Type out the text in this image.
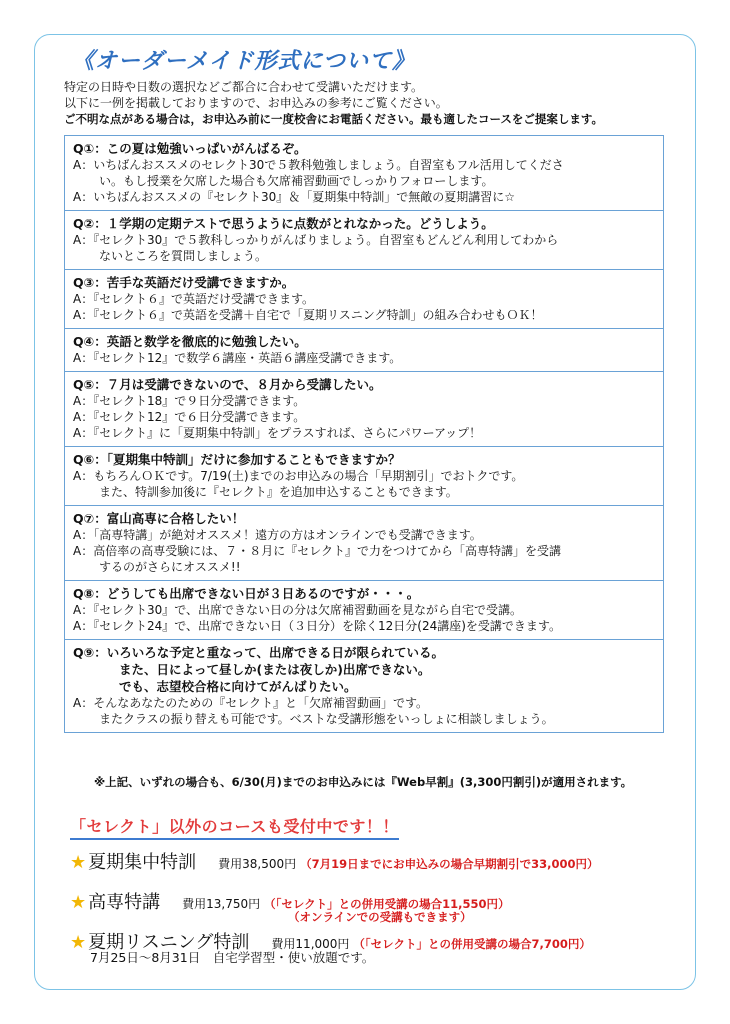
《オーダーメイド形式について》
特定の日時や日数の選択などご都合に合わせて受講いただけます。
以下に一例を掲載しておりますので、お申込みの参考にご覧ください。
ご不明な点がある場合は，お申込み前に一度校舎にお電話ください。最も適したコースをご提案します。
Q①：この夏は勉強いっぱいがんばるぞ。
A：いちばんおススメのセレクト30で５教科勉強しましょう。自習室もフル活用してくださ
い。もし授業を欠席した場合も欠席補習動画でしっかりフォローします。
A：いちばんおススメの『セレクト30』＆「夏期集中特訓」で無敵の夏期講習に☆
Q②：１学期の定期テストで思うように点数がとれなかった。どうしよう。
A：『セレクト30』で５教科しっかりがんばりましょう。自習室もどんどん利用してわから
ないところを質問しましょう。
Q③：苦手な英語だけ受講できますか。
A：『セレクト６』で英語だけ受講できます。
A：『セレクト６』で英語を受講＋自宅で「夏期リスニング特訓」の組み合わせもＯＫ！
Q④：英語と数学を徹底的に勉強したい。
A：『セレクト12』で数学６講座・英語６講座受講できます。
Q⑤：７月は受講できないので、８月から受講したい。
A：『セレクト18』で９日分受講できます。
A：『セレクト12』で６日分受講できます。
A：『セレクト』に「夏期集中特訓」をプラスすれば、さらにパワーアップ！
Q⑥：「夏期集中特訓」だけに参加することもできますか？
A：もちろんＯＫです。7/19(土)までのお申込みの場合「早期割引」でおトクです。
また、特訓参加後に『セレクト』を追加申込することもできます。
Q⑦：富山高専に合格したい！
A：「高専特講」が絶対オススメ！遠方の方はオンラインでも受講できます。
A：高倍率の高専受験には、７・８月に『セレクト』で力をつけてから「高専特講」を受講
するのがさらにオススメ!!
Q⑧：どうしても出席できない日が３日あるのですが・・・。
A：『セレクト30』で、出席できない日の分は欠席補習動画を見ながら自宅で受講。
A：『セレクト24』で、出席できない日（３日分）を除く12日分(24講座)を受講できます。
Q⑨：いろいろな予定と重なって、出席できる日が限られている。
また、日によって昼しか(または夜しか)出席できない。
でも、志望校合格に向けてがんばりたい。
A：そんなあなたのための『セレクト』と「欠席補習動画」です。
またクラスの振り替えも可能です。ベストな受講形態をいっしょに相談しましょう。
※上記、いずれの場合も、6/30(月)までのお申込みには『Web早割』(3,300円割引)が適用されます。
「セレクト」以外のコースも受付中です！！
★ 夏期集中特訓 費用38,500円 （7月19日までにお申込みの場合早期割引で33,000円）
★ 高専特講 費用13,750円 （「セレクト」との併用受講の場合11,550円）
（オンラインでの受講もできます）
★ 夏期リスニング特訓 費用11,000円 （「セレクト」との併用受講の場合7,700円）
7月25日～8月31日　自宅学習型・使い放題です。
